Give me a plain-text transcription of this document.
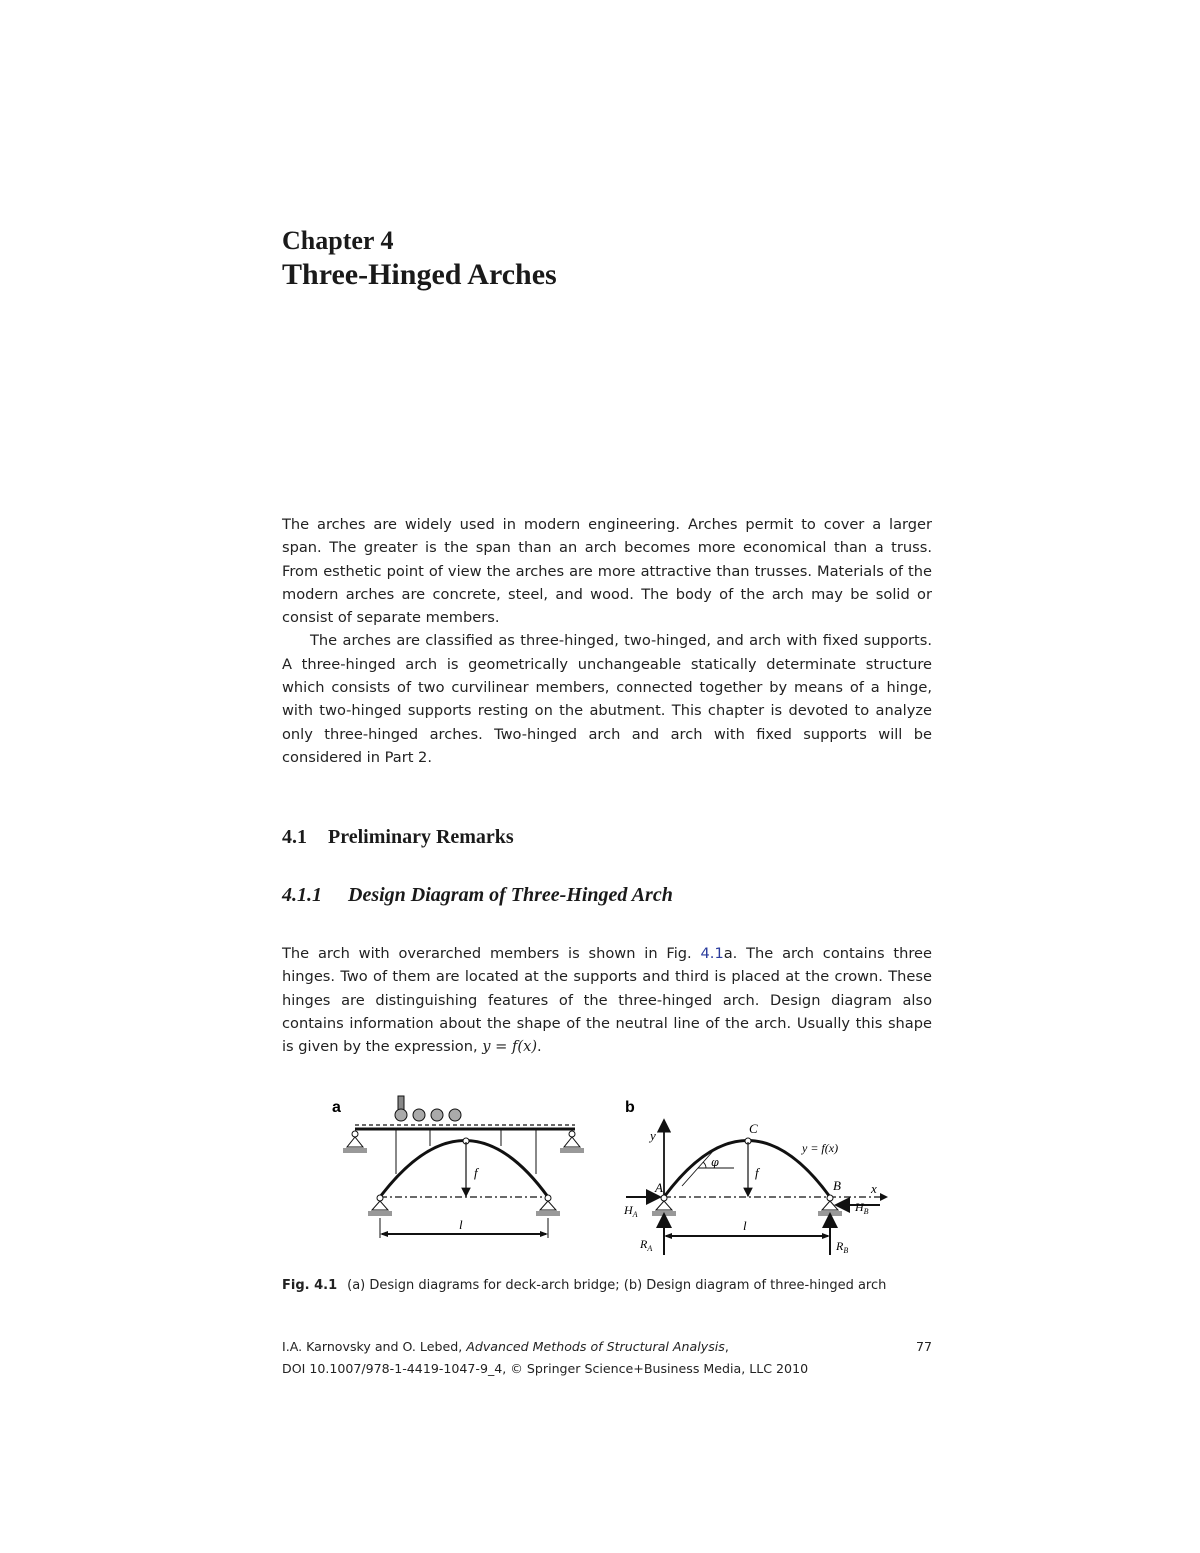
Chapter 4
Three-Hinged Arches

The arches are widely used in modern engineering. Arches permit to cover a larger span. The greater is the span than an arch becomes more economical than a truss. From esthetic point of view the arches are more attractive than trusses. Materials of the modern arches are concrete, steel, and wood. The body of the arch may be solid or consist of separate members.

The arches are classified as three-hinged, two-hinged, and arch with fixed supports. A three-hinged arch is geometrically unchangeable statically determinate structure which consists of two curvilinear members, connected together by means of a hinge, with two-hinged supports resting on the abutment. This chapter is devoted to analyze only three-hinged arches. Two-hinged arch and arch with fixed supports will be considered in Part 2.

4.1 Preliminary Remarks
4.1.1 Design Diagram of Three-Hinged Arch

The arch with overarched members is shown in Fig. 4.1a. The arch contains three hinges. Two of them are located at the supports and third is placed at the crown. These hinges are distinguishing features of the three-hinged arch. Design diagram also contains information about the shape of the neutral line of the arch. Usually this shape is given by the expression, y = f(x).

a
f
l
b
y
x
C
y = f(x)
φ
f
A	B
$H_A$
$H_B$
$R_A$	$R_B$
l
Fig. 4.1 (a) Design diagrams for deck-arch bridge; (b) Design diagram of three-hinged arch
I.A. Karnovsky and O. Lebed, Advanced Methods of Structural Analysis,
DOI 10.1007/978-1-4419-1047-9_4, © Springer Science+Business Media, LLC 2010
77
